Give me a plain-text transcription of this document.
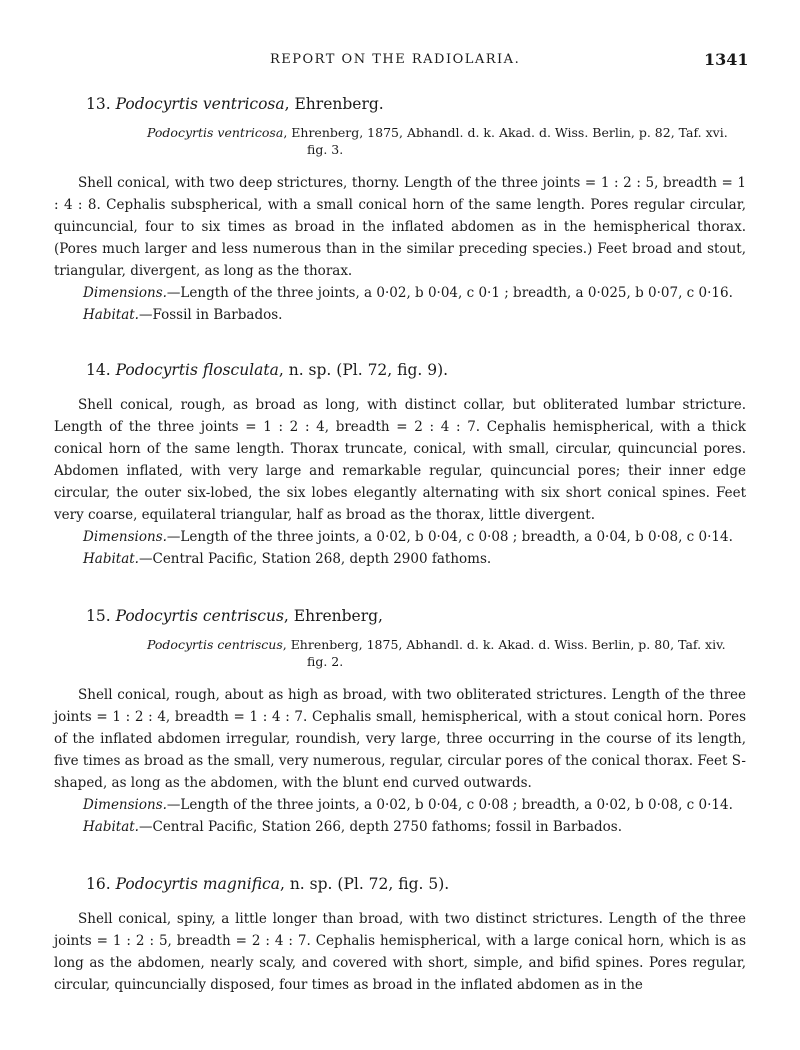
REPORT ON THE RADIOLARIA.	1341
13. Podocyrtis ventricosa, Ehrenberg.
Podocyrtis ventricosa, Ehrenberg, 1875, Abhandl. d. k. Akad. d. Wiss. Berlin, p. 82, Taf. xvi.
fig. 3.

Shell conical, with two deep strictures, thorny. Length of the three joints = 1 : 2 : 5, breadth = 1 : 4 : 8. Cephalis subspherical, with a small conical horn of the same length. Pores regular circular, quincuncial, four to six times as broad in the inflated abdomen as in the hemispherical thorax. (Pores much larger and less numerous than in the similar preceding species.) Feet broad and stout, triangular, divergent, as long as the thorax.

Dimensions.—Length of the three joints, a 0·02, b 0·04, c 0·1 ; breadth, a 0·025, b 0·07, c 0·16.

Habitat.—Fossil in Barbados.

14. Podocyrtis flosculata, n. sp. (Pl. 72, fig. 9).

Shell conical, rough, as broad as long, with distinct collar, but obliterated lumbar stricture. Length of the three joints = 1 : 2 : 4, breadth = 2 : 4 : 7. Cephalis hemispherical, with a thick conical horn of the same length. Thorax truncate, conical, with small, circular, quincuncial pores. Abdomen inflated, with very large and remarkable regular, quincuncial pores; their inner edge circular, the outer six-lobed, the six lobes elegantly alternating with six short conical spines. Feet very coarse, equilateral triangular, half as broad as the thorax, little divergent.

Dimensions.—Length of the three joints, a 0·02, b 0·04, c 0·08 ; breadth, a 0·04, b 0·08, c 0·14.

Habitat.—Central Pacific, Station 268, depth 2900 fathoms.

15. Podocyrtis centriscus, Ehrenberg,
Podocyrtis centriscus, Ehrenberg, 1875, Abhandl. d. k. Akad. d. Wiss. Berlin, p. 80, Taf. xiv.
fig. 2.

Shell conical, rough, about as high as broad, with two obliterated strictures. Length of the three joints = 1 : 2 : 4, breadth = 1 : 4 : 7. Cephalis small, hemispherical, with a stout conical horn. Pores of the inflated abdomen irregular, roundish, very large, three occurring in the course of its length, five times as broad as the small, very numerous, regular, circular pores of the conical thorax. Feet S-shaped, as long as the abdomen, with the blunt end curved outwards.

Dimensions.—Length of the three joints, a 0·02, b 0·04, c 0·08 ; breadth, a 0·02, b 0·08, c 0·14.

Habitat.—Central Pacific, Station 266, depth 2750 fathoms; fossil in Barbados.

16. Podocyrtis magnifica, n. sp. (Pl. 72, fig. 5).

Shell conical, spiny, a little longer than broad, with two distinct strictures. Length of the three joints = 1 : 2 : 5, breadth = 2 : 4 : 7. Cephalis hemispherical, with a large conical horn, which is as long as the abdomen, nearly scaly, and covered with short, simple, and bifid spines. Pores regular, circular, quincuncially disposed, four times as broad in the inflated abdomen as in the
